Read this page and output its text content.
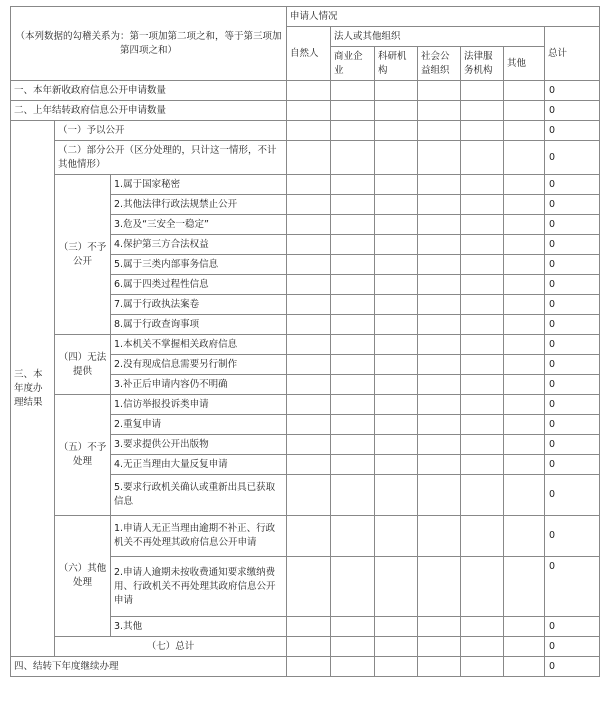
（本列数据的勾稽关系为：第一项加第二项之和，等于第三项加第四项之和）			申请人情况						
			自然人	法人或其他组织					总计
				商业企业	科研机构	社会公益组织	法律服务机构	其他	
一、本年新收政府信息公开申请数量									0
二、上年结转政府信息公开申请数量									0
三、本年度办理结果	（一）予以公开								0
	（二）部分公开（区分处理的，只计这一情形，不计其他情形）								0
	（三）不予公开	1.属于国家秘密							0
		2.其他法律行政法规禁止公开							0
		3.危及“三安全一稳定”							0
		4.保护第三方合法权益							0
		5.属于三类内部事务信息							0
		6.属于四类过程性信息							0
		7.属于行政执法案卷							0
		8.属于行政查询事项							0
	（四）无法提供	1.本机关不掌握相关政府信息							0
		2.没有现成信息需要另行制作							0
		3.补正后申请内容仍不明确							0
	（五）不予处理	1.信访举报投诉类申请							0
		2.重复申请							0
		3.要求提供公开出版物							0
		4.无正当理由大量反复申请							0
		5.要求行政机关确认或重新出具已获取信息							0
	（六）其他处理	1.申请人无正当理由逾期不补正、行政机关不再处理其政府信息公开申请							0
		2.申请人逾期未按收费通知要求缴纳费用、行政机关不再处理其政府信息公开申请							0
		3.其他							0
	（七）总计								0
四、结转下年度继续办理									0
